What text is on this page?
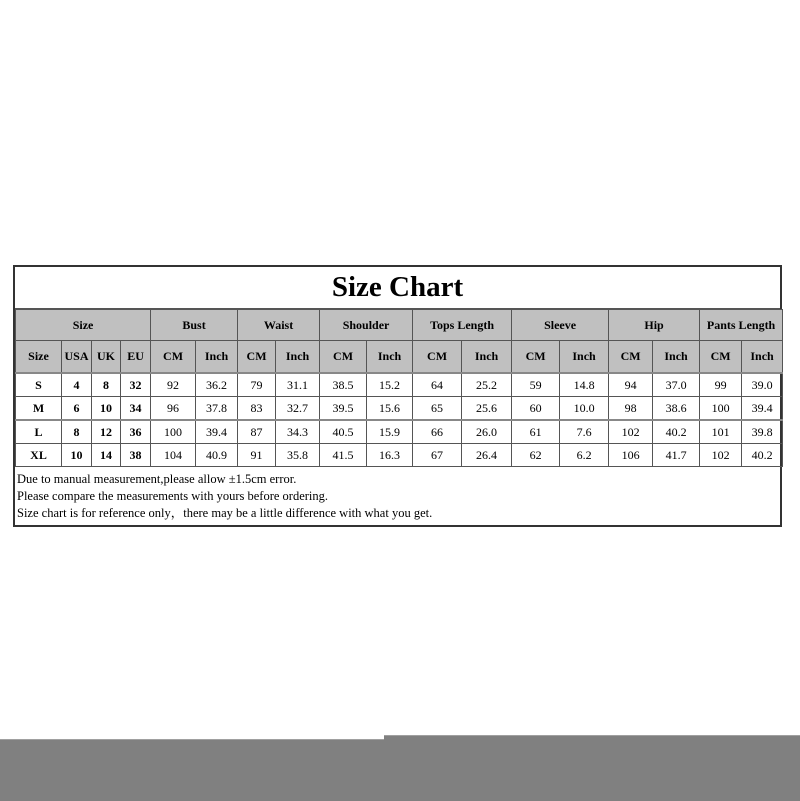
Size Chart
Size				Bust		Waist		Shoulder		Tops Length		Sleeve		Hip		Pants Length	
Size	USA	UK	EU	CM	Inch	CM	Inch	CM	Inch	CM	Inch	CM	Inch	CM	Inch	CM	Inch
S	4	8	32	92	36.2	79	31.1	38.5	15.2	64	25.2	59	14.8	94	37.0	99	39.0
M	6	10	34	96	37.8	83	32.7	39.5	15.6	65	25.6	60	10.0	98	38.6	100	39.4
L	8	12	36	100	39.4	87	34.3	40.5	15.9	66	26.0	61	7.6	102	40.2	101	39.8
XL	10	14	38	104	40.9	91	35.8	41.5	16.3	67	26.4	62	6.2	106	41.7	102	40.2
Due to manual measurement,please allow ±1.5cm error.
Please compare the measurements with yours before ordering.
Size chart is for reference only，there may be a little difference with what you get.
